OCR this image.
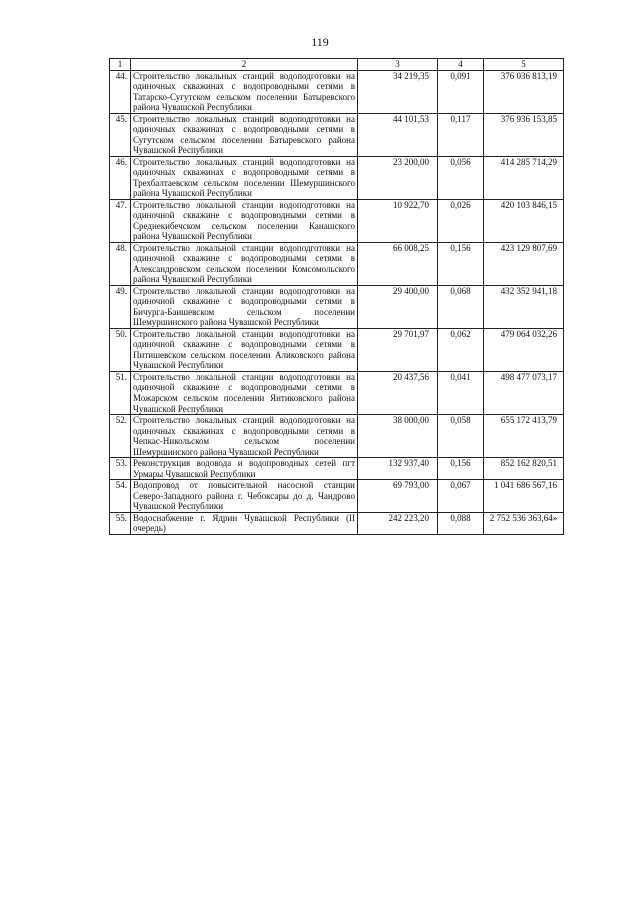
119
1	2	3	4	5
44.	Строительство локальных станций водоподготовки на одиночных скважинах с водопроводными сетями в Татарско-Сугутском сельском поселении Батыревского района Чувашской Республики	34 219,35	0,091	376 036 813,19
45.	Строительство локальных станций водоподготовки на одиночных скважинах с водопроводными сетями в Сугутском сельском поселении Батыревского района Чувашской Республики	44 101,53	0,117	376 936 153,85
46.	Строительство локальных станций водоподготовки на одиночных скважинах с водопроводными сетями в Трехбалтаевском сельском поселении Шемуршинского района Чувашской Республики	23 200,00	0,056	414 285 714,29
47.	Строительство локальной станции водоподготовки на одиночной скважине с водопроводными сетями в Среднекибечском сельском поселении Канашского района Чувашской Республики	10 922,70	0,026	420 103 846,15
48.	Строительство локальной станции водоподготовки на одиночной скважине с водопроводными сетями в Александровском сельском поселении Комсомольского района Чувашской Республики	66 008,25	0,156	423 129 807,69
49.	Строительство локальной станции водоподготовки на одиночной скважине с водопроводными сетями в Бичурга-Баишевском сельском поселении Шемуршинского района Чувашской Республики	29 400,00	0,068	432 352 941,18
50.	Строительство локальной станции водоподготовки на одиночной скважине с водопроводными сетями в Питишевском сельском поселении Аликовского района Чувашской Республики	29 701,97	0,062	479 064 032,26
51.	Строительство локальной станции водоподготовки на одиночной скважине с водопроводными сетями в Можарском сельском поселении Янтиковского района Чувашской Республики	20 437,56	0,041	498 477 073,17
52.	Строительство локальных станций водоподготовки на одиночных скважинах с водопроводными сетями в Чепкас-Никольском сельском поселении Шемуршинского района Чувашской Республики	38 000,00	0,058	655 172 413,79
53.	Реконструкция водовода и водопроводных сетей пгт Урмары Чувашской Республики	132 937,40	0,156	852 162 820,51
54.	Водопровод от повысительной насосной станции Северо-Западного района г. Чебоксары до д. Чандрово Чувашской Республики	69 793,00	0,067	1 041 686 567,16
55.	Водоснабжение г. Ядрин Чувашской Республики (II очередь)	242 223,20	0,088	2 752 536 363,64»
